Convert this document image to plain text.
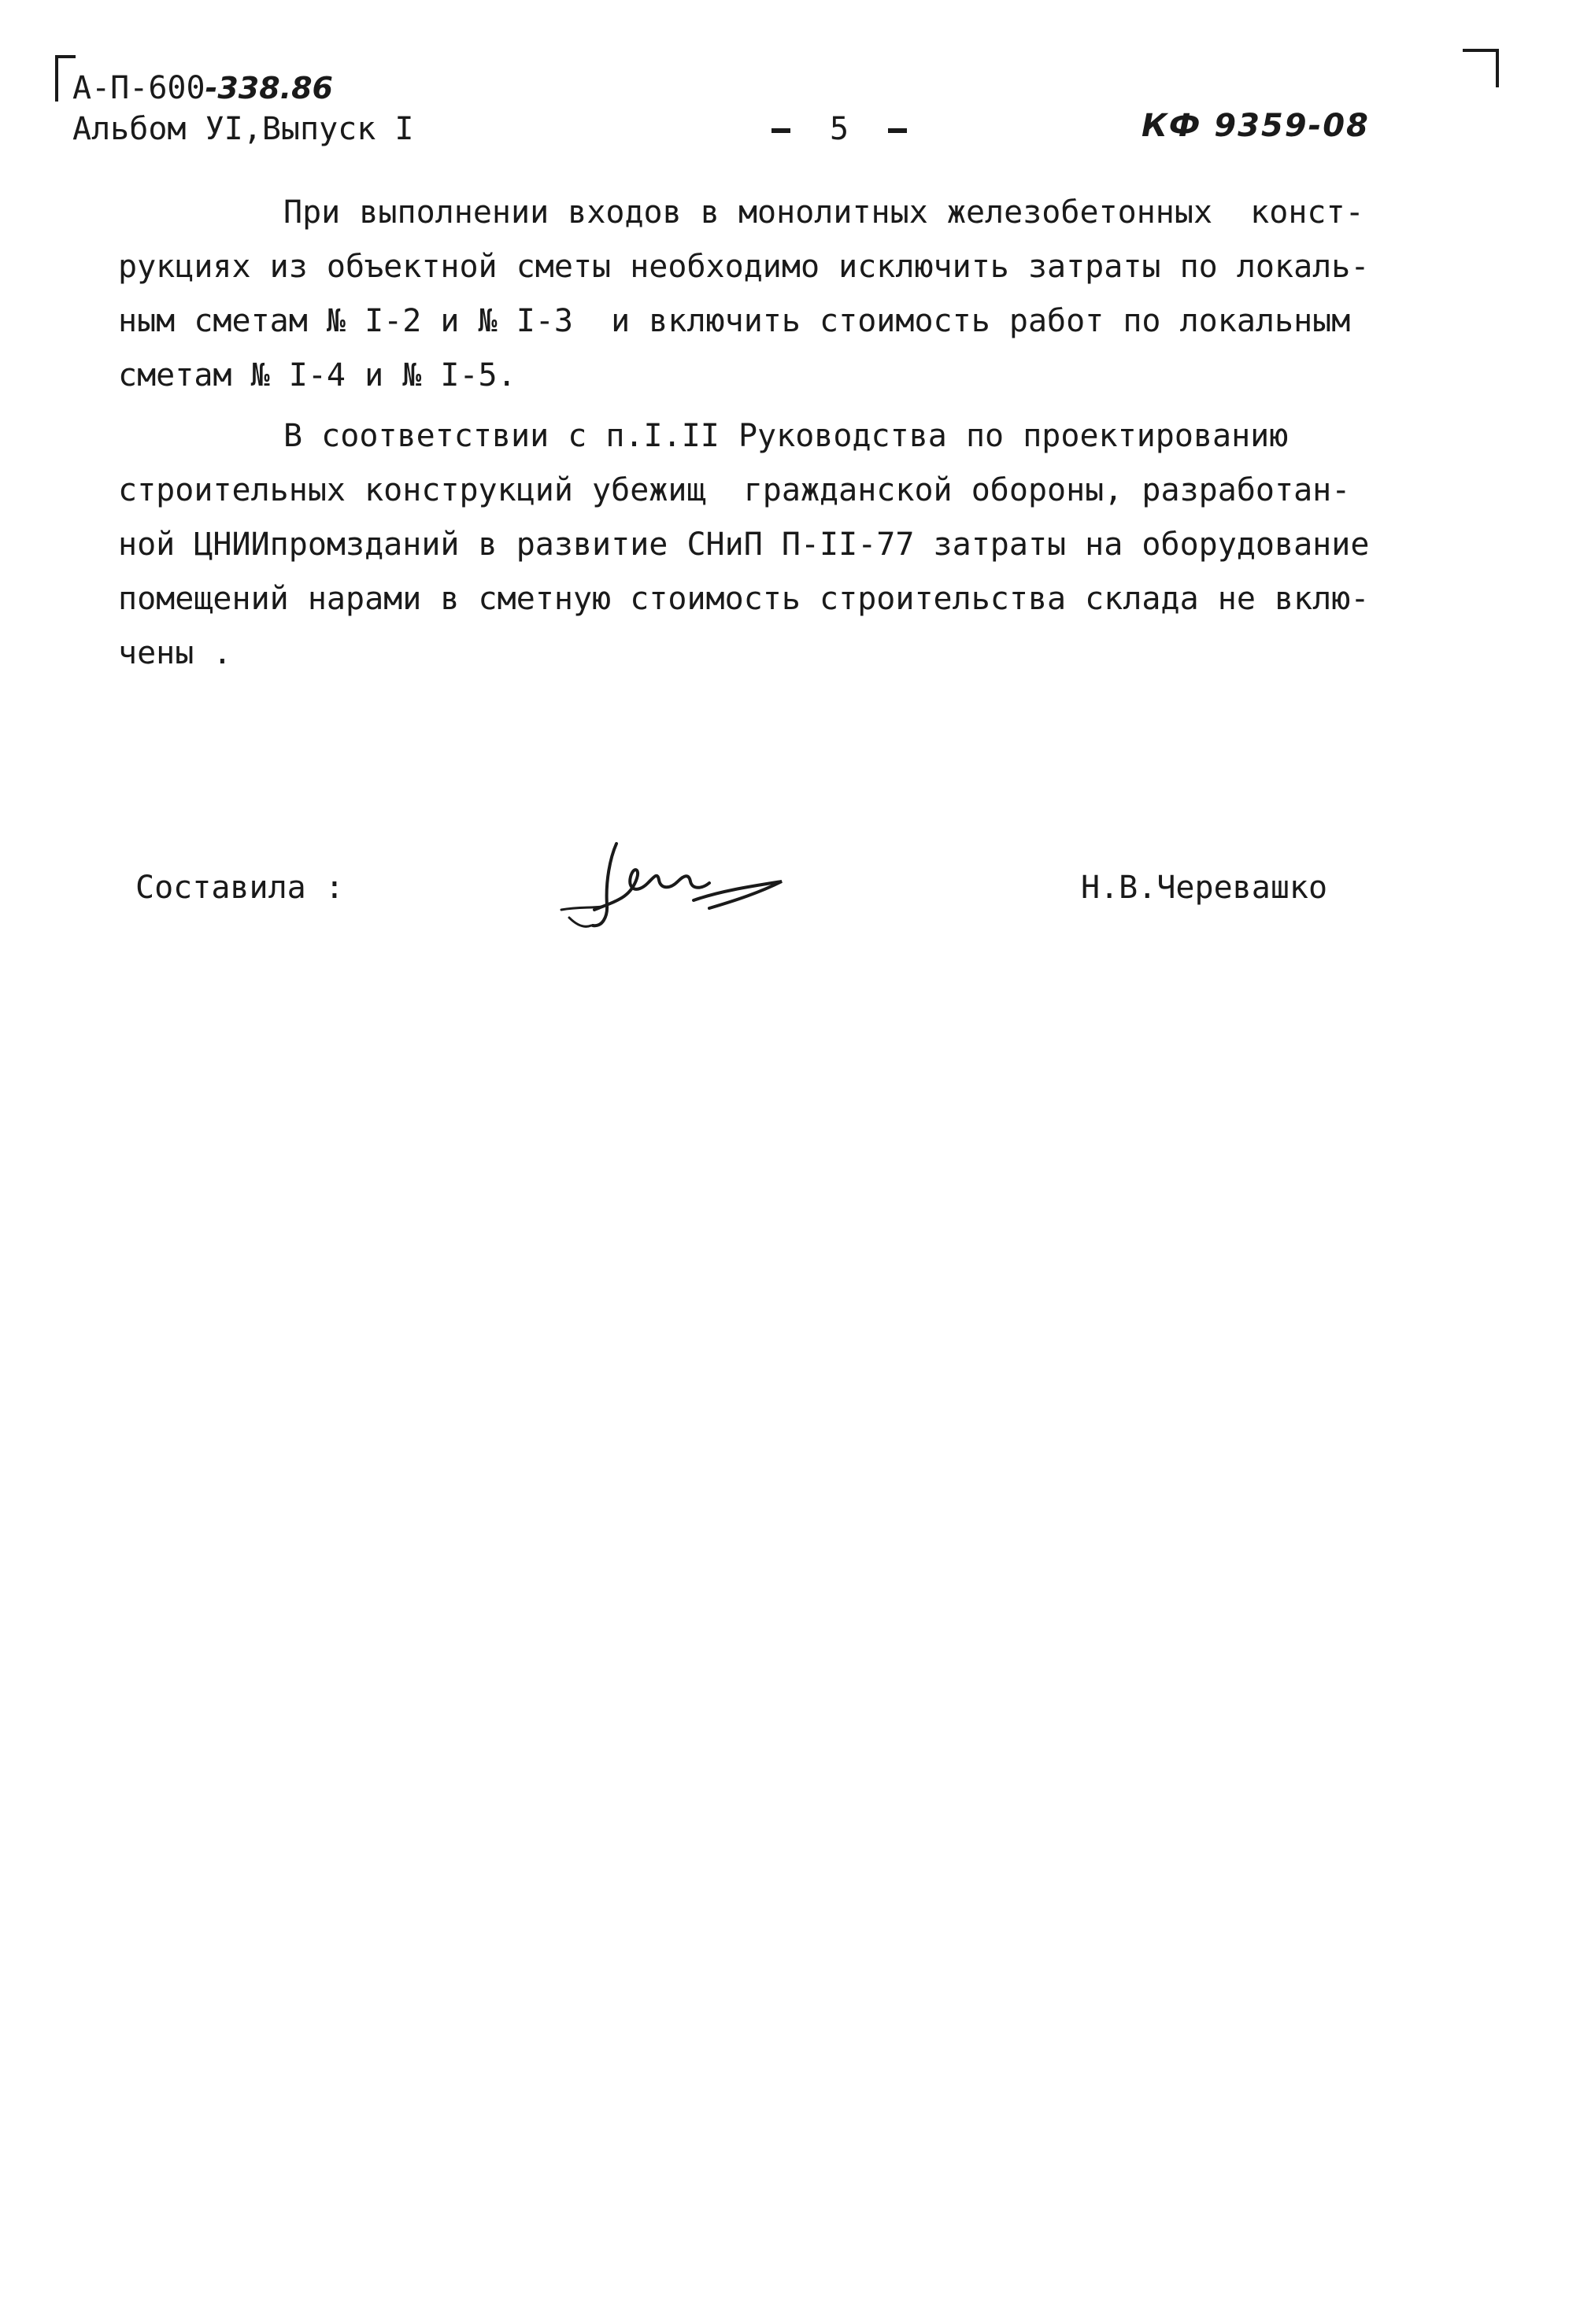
А-П-600-338.86
Альбом УI,Выпуск I	5	КФ 9359-08
При выполнении входов в монолитных железобетонных  конст-
рукциях из объектной сметы необходимо исключить затраты по локаль-
ным сметам № I-2 и № I-3  и включить стоимость работ по локальным
сметам № I-4 и № I-5.
В соответствии с п.I.II Руководства по проектированию
строительных конструкций убежищ  гражданской обороны, разработан-
ной ЦНИИпромзданий в развитие СНиП П-II-77 затраты на оборудование
помещений нарами в сметную стоимость строительства склада не вклю-
чены .
Составила :	Н.В.Черевашко
